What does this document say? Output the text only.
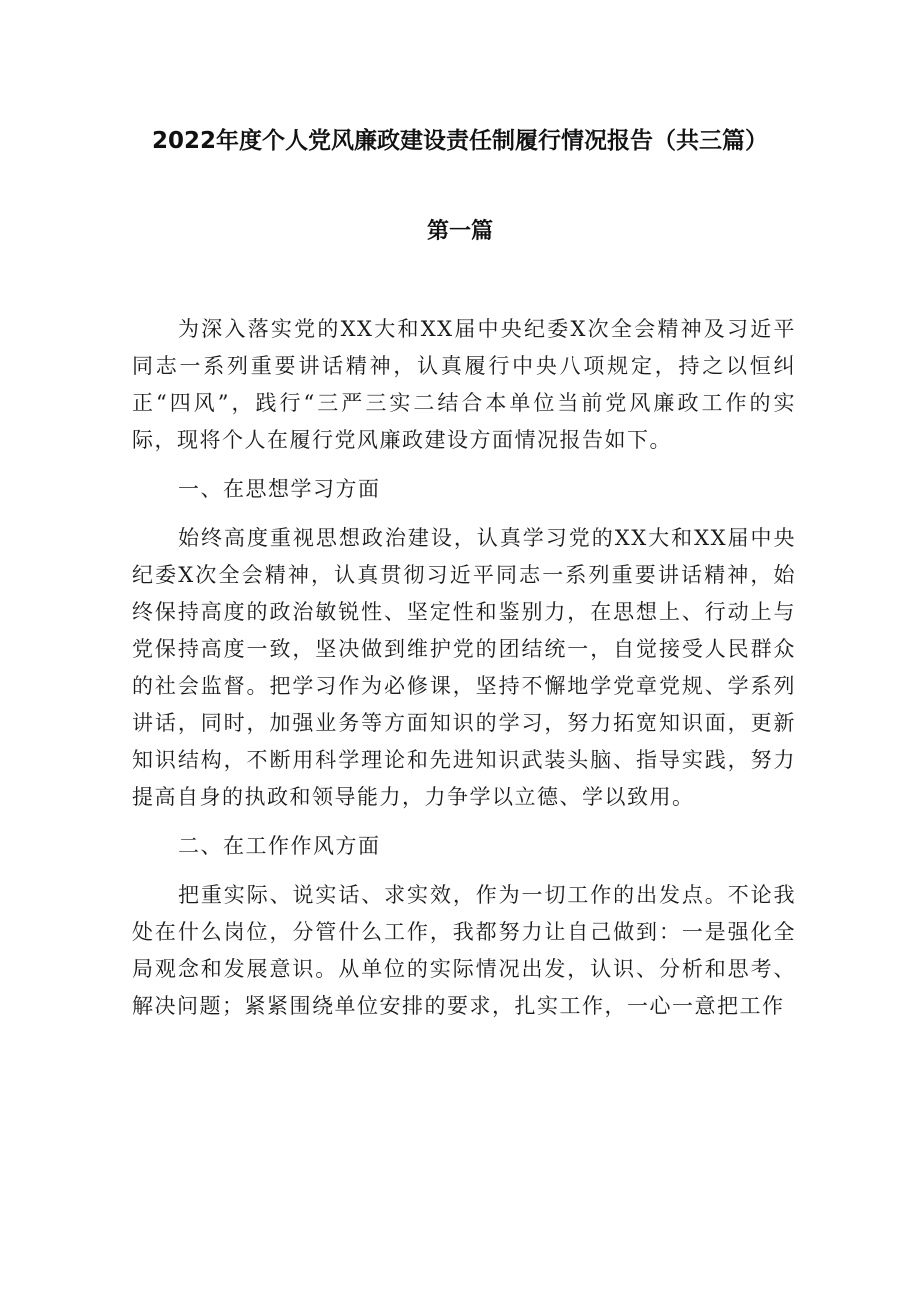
2022年度个人党风廉政建设责任制履行情况报告（共三篇）
第一篇

为深入落实党的XX大和XX届中央纪委X次全会精神及习近平同志一系列重要讲话精神，认真履行中央八项规定，持之以恒纠正“四风”，践行“三严三实二结合本单位当前党风廉政工作的实际，现将个人在履行党风廉政建设方面情况报告如下。

一、在思想学习方面

始终高度重视思想政治建设，认真学习党的XX大和XX届中央纪委X次全会精神，认真贯彻习近平同志一系列重要讲话精神，始终保持高度的政治敏锐性、坚定性和鉴别力，在思想上、行动上与党保持高度一致，坚决做到维护党的团结统一，自觉接受人民群众的社会监督。把学习作为必修课，坚持不懈地学党章党规、学系列讲话，同时，加强业务等方面知识的学习，努力拓宽知识面，更新知识结构，不断用科学理论和先进知识武装头脑、指导实践，努力提高自身的执政和领导能力，力争学以立德、学以致用。

二、在工作作风方面

把重实际、说实话、求实效，作为一切工作的出发点。不论我处在什么岗位，分管什么工作，我都努力让自己做到：一是强化全局观念和发展意识。从单位的实际情况出发，认识、分析和思考、解决问题；紧紧围绕单位安排的要求，扎实工作，一心一意把工作
